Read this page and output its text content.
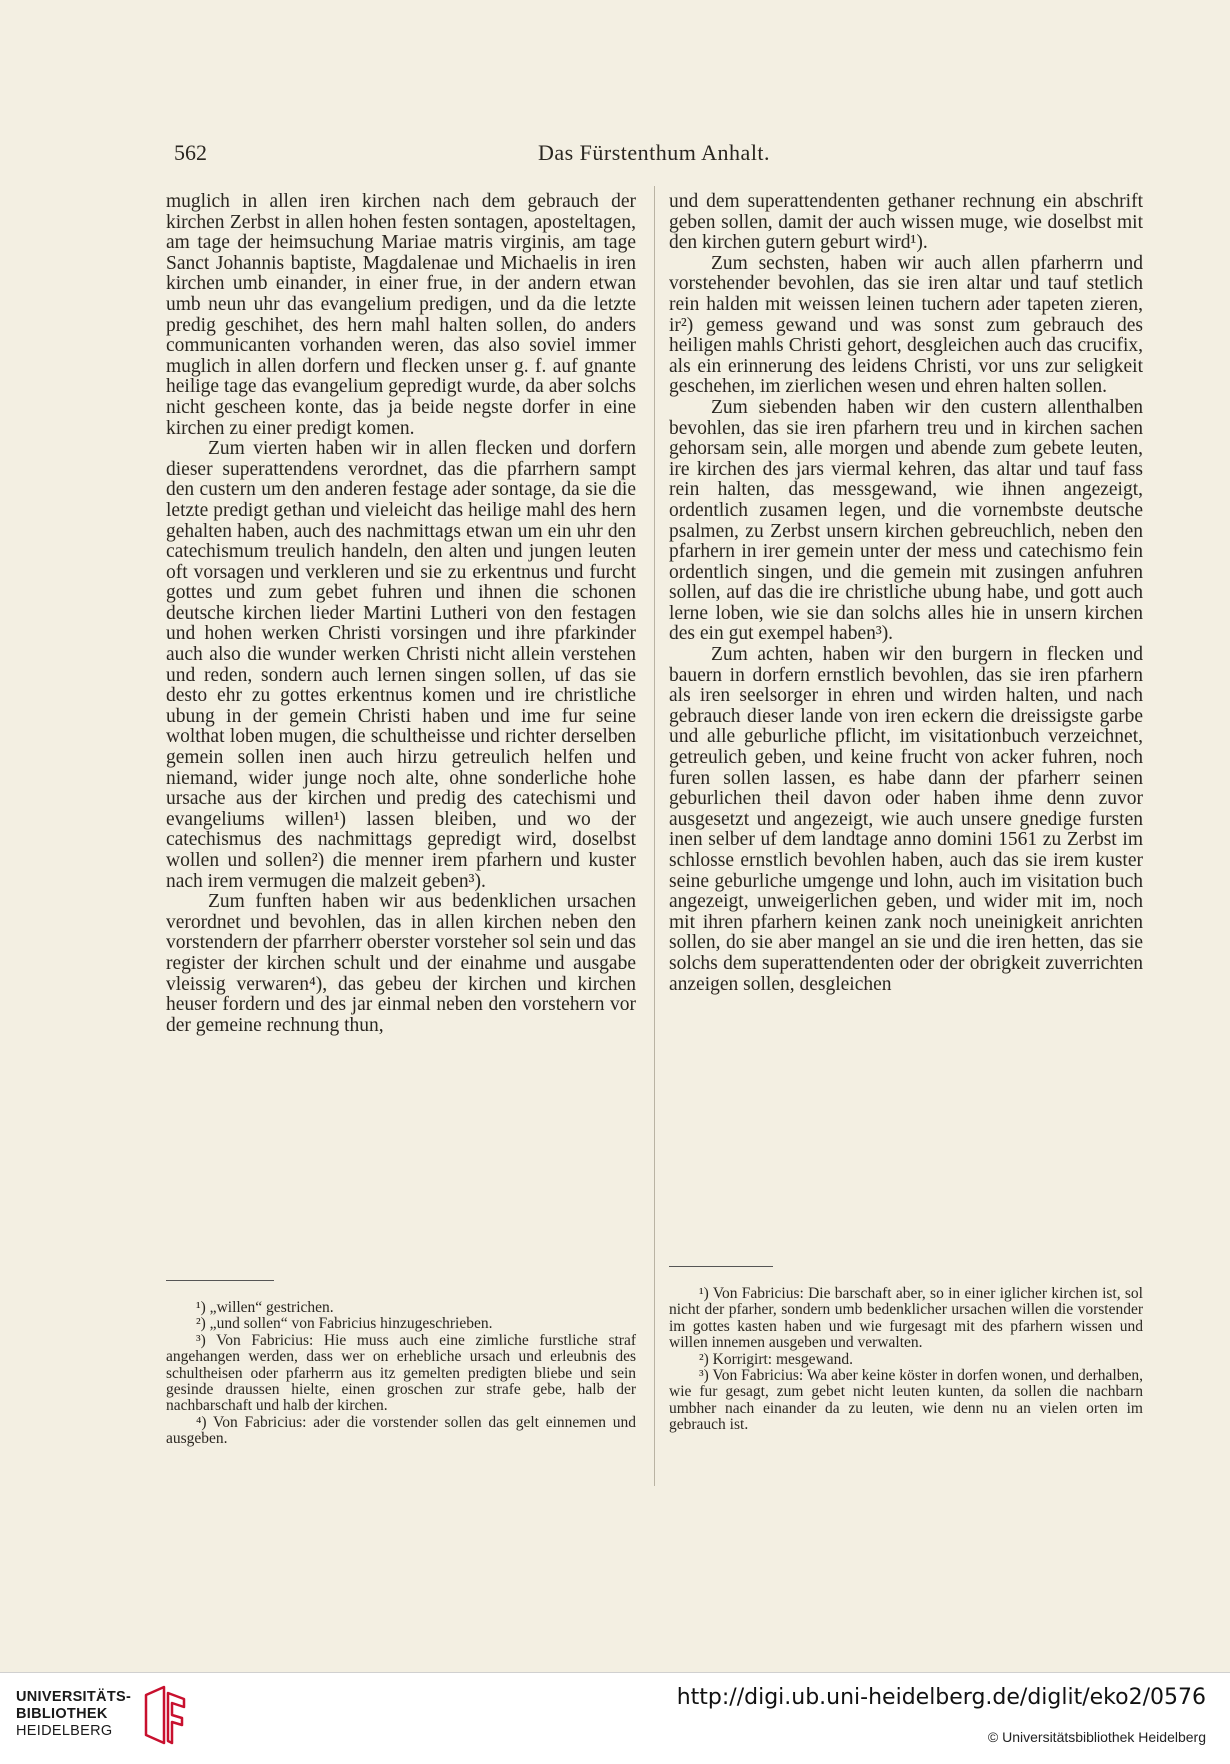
562	Das Fürstenthum Anhalt.

muglich in allen iren kirchen nach dem gebrauch der kirchen Zerbst in allen hohen festen sontagen, aposteltagen, am tage der heimsuchung Mariae matris virginis, am tage Sanct Johannis baptiste, Magdalenae und Michaelis in iren kirchen umb einander, in einer frue, in der andern etwan umb neun uhr das evangelium predigen, und da die letzte predig geschihet, des hern mahl halten sollen, do anders communicanten vorhanden weren, das also soviel immer muglich in allen dorfern und flecken unser g. f. auf gnante heilige tage das evangelium gepredigt wurde, da aber solchs nicht gescheen konte, das ja beide negste dorfer in eine kirchen zu einer predigt komen.

Zum vierten haben wir in allen flecken und dorfern dieser superattendens verordnet, das die pfarrhern sampt den custern um den anderen festage ader sontage, da sie die letzte predigt gethan und vieleicht das heilige mahl des hern gehalten haben, auch des nachmittags etwan um ein uhr den catechismum treulich handeln, den alten und jungen leuten oft vorsagen und verkleren und sie zu erkentnus und furcht gottes und zum gebet fuhren und ihnen die schonen deutsche kirchen lieder Martini Lutheri von den festagen und hohen werken Christi vorsingen und ihre pfarkinder auch also die wunder werken Christi nicht allein verstehen und reden, sondern auch lernen singen sollen, uf das sie desto ehr zu gottes erkentnus komen und ire christliche ubung in der gemein Christi haben und ime fur seine wolthat loben mugen, die schultheisse und richter derselben gemein sollen inen auch hirzu getreulich helfen und niemand, wider junge noch alte, ohne sonderliche hohe ursache aus der kirchen und predig des catechismi und evangeliums willen¹) lassen bleiben, und wo der catechismus des nachmittags gepredigt wird, doselbst wollen und sollen²) die menner irem pfarhern und kuster nach irem vermugen die malzeit geben³).

Zum funften haben wir aus bedenklichen ursachen verordnet und bevohlen, das in allen kirchen neben den vorstendern der pfarrherr oberster vorsteher sol sein und das register der kirchen schult und der einahme und ausgabe vleissig verwaren⁴), das gebeu der kirchen und kirchen heuser fordern und des jar einmal neben den vorstehern vor der gemeine rechnung thun,

und dem superattendenten gethaner rechnung ein abschrift geben sollen, damit der auch wissen muge, wie doselbst mit den kirchen gutern geburt wird¹).

Zum sechsten, haben wir auch allen pfarherrn und vorstehender bevohlen, das sie iren altar und tauf stetlich rein halden mit weissen leinen tuchern ader tapeten zieren, ir²) gemess gewand und was sonst zum gebrauch des heiligen mahls Christi gehort, desgleichen auch das crucifix, als ein erinnerung des leidens Christi, vor uns zur seligkeit geschehen, im zierlichen wesen und ehren halten sollen.

Zum siebenden haben wir den custern allenthalben bevohlen, das sie iren pfarhern treu und in kirchen sachen gehorsam sein, alle morgen und abende zum gebete leuten, ire kirchen des jars viermal kehren, das altar und tauf fass rein halten, das messgewand, wie ihnen angezeigt, ordentlich zusamen legen, und die vornembste deutsche psalmen, zu Zerbst unsern kirchen gebreuchlich, neben den pfarhern in irer gemein unter der mess und catechismo fein ordentlich singen, und die gemein mit zusingen anfuhren sollen, auf das die ire christliche ubung habe, und gott auch lerne loben, wie sie dan solchs alles hie in unsern kirchen des ein gut exempel haben³).

Zum achten, haben wir den burgern in flecken und bauern in dorfern ernstlich bevohlen, das sie iren pfarhern als iren seelsorger in ehren und wirden halten, und nach gebrauch dieser lande von iren eckern die dreissigste garbe und alle geburliche pflicht, im visitationbuch verzeichnet, getreulich geben, und keine frucht von acker fuhren, noch furen sollen lassen, es habe dann der pfarherr seinen geburlichen theil davon oder haben ihme denn zuvor ausgesetzt und angezeigt, wie auch unsere gnedige fursten inen selber uf dem landtage anno domini 1561 zu Zerbst im schlosse ernstlich bevohlen haben, auch das sie irem kuster seine geburliche umgenge und lohn, auch im visitation buch angezeigt, unweigerlichen geben, und wider mit im, noch mit ihren pfarhern keinen zank noch uneinigkeit anrichten sollen, do sie aber mangel an sie und die iren hetten, das sie solchs dem superattendenten oder der obrigkeit zuverrichten anzeigen sollen, desgleichen

¹) „willen“ gestrichen.

²) „und sollen“ von Fabricius hinzugeschrieben.

³) Von Fabricius: Hie muss auch eine zimliche furstliche straf angehangen werden, dass wer on erhebliche ursach und erleubnis des schultheisen oder pfarherrn aus itz gemelten predigten bliebe und sein gesinde draussen hielte, einen groschen zur strafe gebe, halb der nachbarschaft und halb der kirchen.

⁴) Von Fabricius: ader die vorstender sollen das gelt einnemen und ausgeben.

¹) Von Fabricius: Die barschaft aber, so in einer iglicher kirchen ist, sol nicht der pfarher, sondern umb bedenklicher ursachen willen die vorstender im gottes kasten haben und wie furgesagt mit des pfarhern wissen und willen innemen ausgeben und verwalten.

²) Korrigirt: mesgewand.

³) Von Fabricius: Wa aber keine köster in dorfen wonen, und derhalben, wie fur gesagt, zum gebet nicht leuten kunten, da sollen die nachbarn umbher nach einander da zu leuten, wie denn nu an vielen orten im gebrauch ist.

UNIVERSITÄTS-
BIBLIOTHEK
HEIDELBERG
http://digi.ub.uni-heidelberg.de/diglit/eko2/0576
© Universitätsbibliothek Heidelberg
